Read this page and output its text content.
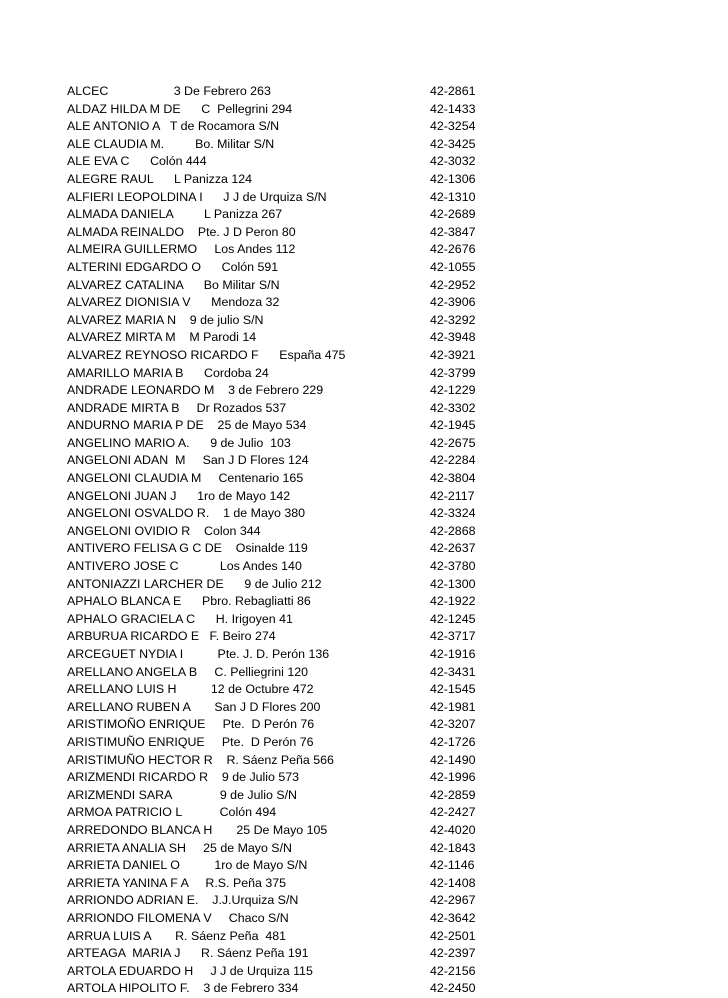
ALCEC                   3 De Febrero 263	42-2861
ALDAZ HILDA M DE      C  Pellegrini 294	42-1433
ALE ANTONIO A   T de Rocamora S/N	42-3254
ALE CLAUDIA M.         Bo. Militar S/N	42-3425
ALE EVA C      Colón 444	42-3032
ALEGRE RAUL      L Panizza 124	42-1306
ALFIERI LEOPOLDINA I      J J de Urquiza S/N	42-1310
ALMADA DANIELA         L Panizza 267	42-2689
ALMADA REINALDO    Pte. J D Peron 80	42-3847
ALMEIRA GUILLERMO     Los Andes 112	42-2676
ALTERINI EDGARDO O      Colón 591	42-1055
ALVAREZ CATALINA      Bo Militar S/N	42-2952
ALVAREZ DIONISIA V      Mendoza 32	42-3906
ALVAREZ MARIA N    9 de julio S/N	42-3292
ALVAREZ MIRTA M    M Parodi 14	42-3948
ALVAREZ REYNOSO RICARDO F      España 475	42-3921
AMARILLO MARIA B      Cordoba 24	42-3799
ANDRADE LEONARDO M    3 de Febrero 229	42-1229
ANDRADE MIRTA B     Dr Rozados 537	42-3302
ANDURNO MARIA P DE    25 de Mayo 534	42-1945
ANGELINO MARIO A.      9 de Julio  103	42-2675
ANGELONI ADAN  M     San J D Flores 124	42-2284
ANGELONI CLAUDIA M     Centenario 165	42-3804
ANGELONI JUAN J      1ro de Mayo 142	42-2117
ANGELONI OSVALDO R.    1 de Mayo 380	42-3324
ANGELONI OVIDIO R    Colon 344	42-2868
ANTIVERO FELISA G C DE    Osinalde 119	42-2637
ANTIVERO JOSE C            Los Andes 140	42-3780
ANTONIAZZI LARCHER DE      9 de Julio 212	42-1300
APHALO BLANCA E      Pbro. Rebagliatti 86	42-1922
APHALO GRACIELA C      H. Irigoyen 41	42-1245
ARBURUA RICARDO E   F. Beiro 274	42-3717
ARCEGUET NYDIA I          Pte. J. D. Perón 136	42-1916
ARELLANO ANGELA B     C. Pelliegrini 120	42-3431
ARELLANO LUIS H          12 de Octubre 472	42-1545
ARELLANO RUBEN A       San J D Flores 200	42-1981
ARISTIMOÑO ENRIQUE     Pte.  D Perón 76	42-3207
ARISTIMUÑO ENRIQUE     Pte.  D Perón 76	42-1726
ARISTIMUÑO HECTOR R    R. Sáenz Peña 566	42-1490
ARIZMENDI RICARDO R    9 de Julio 573	42-1996
ARIZMENDI SARA              9 de Julio S/N	42-2859
ARMOA PATRICIO L           Colón 494	42-2427
ARREDONDO BLANCA H       25 De Mayo 105	42-4020
ARRIETA ANALIA SH     25 de Mayo S/N	42-1843
ARRIETA DANIEL O          1ro de Mayo S/N	42-1146
ARRIETA YANINA F A     R.S. Peña 375	42-1408
ARRIONDO ADRIAN E.    J.J.Urquiza S/N	42-2967
ARRIONDO FILOMENA V     Chaco S/N	42-3642
ARRUA LUIS A       R. Sáenz Peña  481	42-2501
ARTEAGA  MARIA J      R. Sáenz Peña 191	42-2397
ARTOLA EDUARDO H     J J de Urquiza 115	42-2156
ARTOLA HIPOLITO F.    3 de Febrero 334	42-2450
